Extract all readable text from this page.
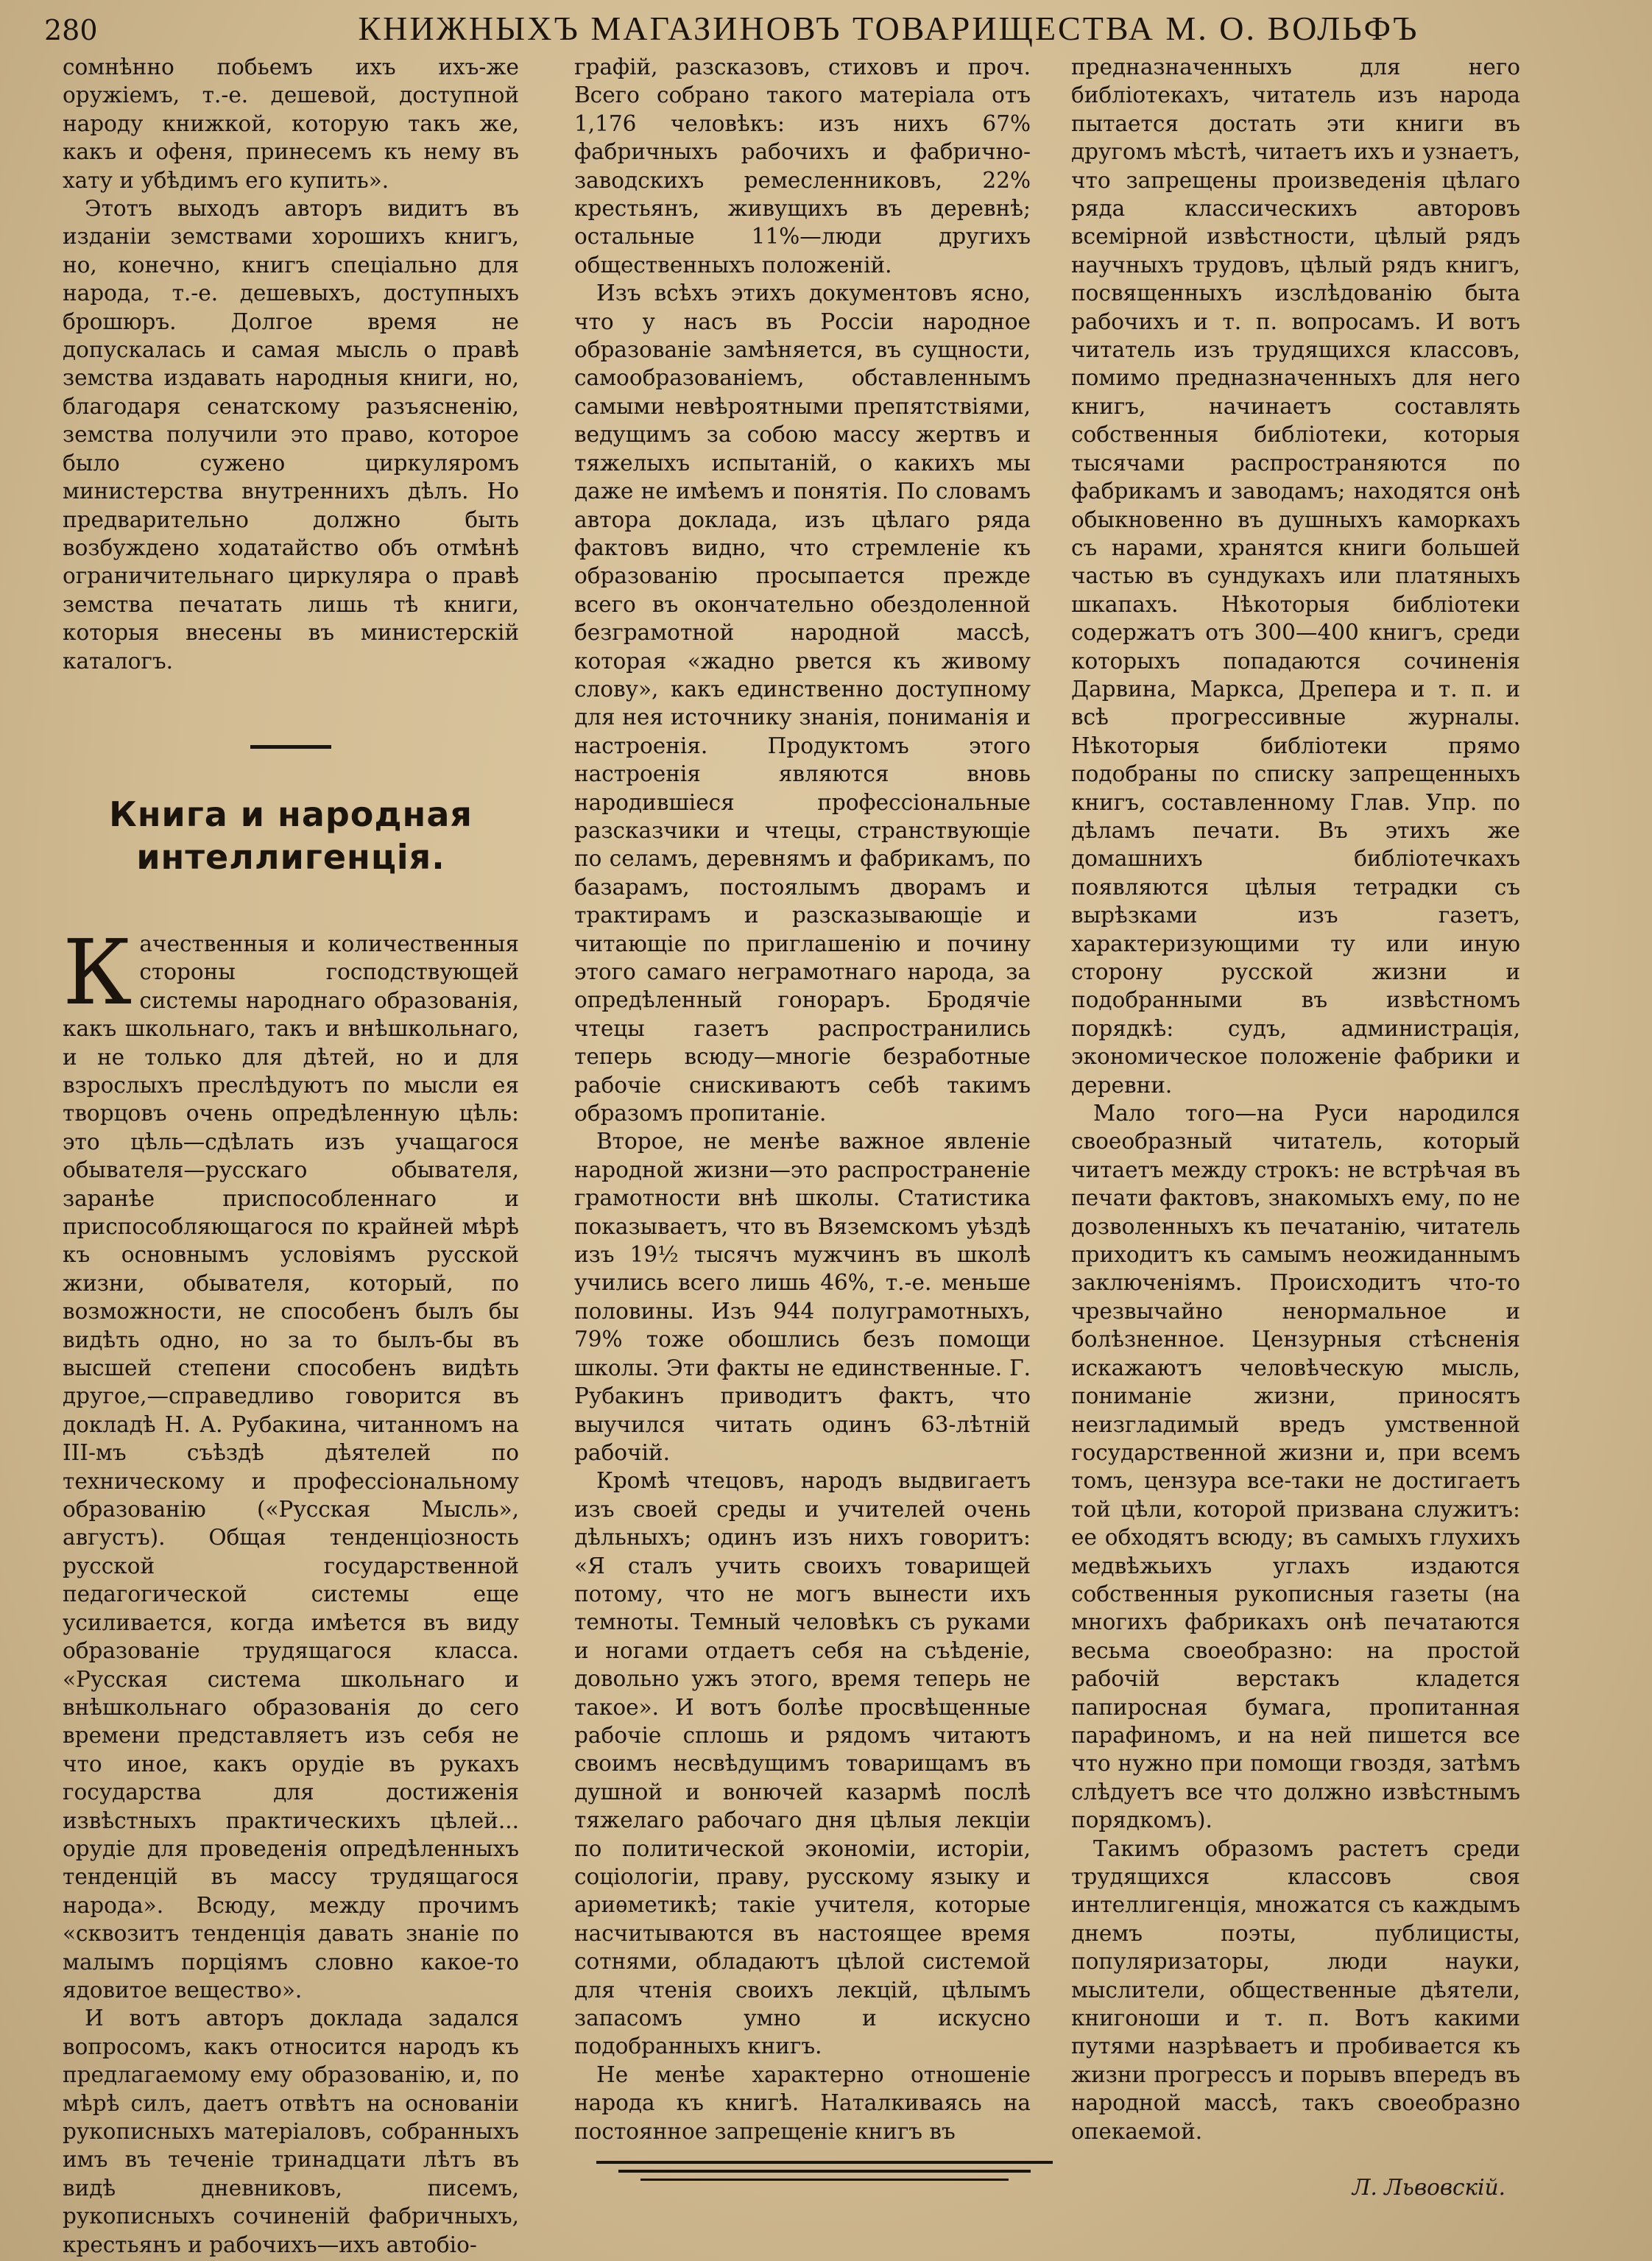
280	КНИЖНЫХЪ МАГАЗИНОВЪ ТОВАРИЩЕСТВА М. О. ВОЛЬФЪ

сомнѣнно побьемъ ихъ ихъ-же оружіемъ, т.-е. дешевой, доступной народу книжкой, которую такъ же, какъ и офеня, принесемъ къ нему въ хату и убѣдимъ его купить».

Этотъ выходъ авторъ видитъ въ изданіи земствами хорошихъ книгъ, но, конечно, книгъ спеціально для народа, т.-е. дешевыхъ, доступныхъ брошюръ. Долгое время не допускалась и самая мысль о правѣ земства издавать народныя книги, но, благодаря сенатскому разъясненію, земства получили это право, которое было сужено циркуляромъ министерства внутреннихъ дѣлъ. Но предварительно должно быть возбуждено ходатайство объ отмѣнѣ ограничительнаго циркуляра о правѣ земства печатать лишь тѣ книги, которыя внесены въ министерскій каталогъ.

Книга и народная интеллигенція.

Качественныя и количественныя стороны господствующей системы народнаго образованія, какъ школьнаго, такъ и внѣшкольнаго, и не только для дѣтей, но и для взрослыхъ преслѣдуютъ по мысли ея творцовъ очень опредѣленную цѣль: это цѣль—сдѣлать изъ учащагося обывателя—русскаго обывателя, заранѣе приспособленнаго и приспособляющагося по крайней мѣрѣ къ основнымъ условіямъ русской жизни, обывателя, который, по возможности, не способенъ былъ бы видѣть одно, но за то былъ-бы въ высшей степени способенъ видѣть другое,—справедливо говорится въ докладѣ Н. А. Рубакина, читанномъ на III-мъ съѣздѣ дѣятелей по техническому и профессіональному образованію («Русская Мысль», августъ). Общая тенденціозность русской государственной педагогической системы еще усиливается, когда имѣется въ виду образованіе трудящагося класса. «Русская система школьнаго и внѣшкольнаго образованія до сего времени представляетъ изъ себя не что иное, какъ орудіе въ рукахъ государства для достиженія извѣстныхъ практическихъ цѣлей... орудіе для проведенія опредѣленныхъ тенденцій въ массу трудящагося народа». Всюду, между прочимъ «сквозитъ тенденція давать знаніе по малымъ порціямъ словно какое-то ядовитое вещество».

И вотъ авторъ доклада задался вопросомъ, какъ относится народъ къ предлагаемому ему образованію, и, по мѣрѣ силъ, даетъ отвѣтъ на основаніи рукописныхъ матеріаловъ, собранныхъ имъ въ теченіе тринадцати лѣтъ въ видѣ дневниковъ, писемъ, рукописныхъ сочиненій фабричныхъ, крестьянъ и рабочихъ—ихъ автобіо-

графій, разсказовъ, стиховъ и проч. Всего собрано такого матеріала отъ 1,176 человѣкъ: изъ нихъ 67% фабричныхъ рабочихъ и фабрично-заводскихъ ремесленниковъ, 22% крестьянъ, живущихъ въ деревнѣ; остальные 11%—люди другихъ общественныхъ положеній.

Изъ всѣхъ этихъ документовъ ясно, что у насъ въ Россіи народное образованіе замѣняется, въ сущности, самообразованіемъ, обставленнымъ самыми невѣроятными препятствіями, ведущимъ за собою массу жертвъ и тяжелыхъ испытаній, о какихъ мы даже не имѣемъ и понятія. По словамъ автора доклада, изъ цѣлаго ряда фактовъ видно, что стремленіе къ образованію просыпается прежде всего въ окончательно обездоленной безграмотной народной массѣ, которая «жадно рвется къ живому слову», какъ единственно доступному для нея источнику знанія, пониманія и настроенія. Продуктомъ этого настроенія являются вновь народившіеся профессіональные разсказчики и чтецы, странствующіе по селамъ, деревнямъ и фабрикамъ, по базарамъ, постоялымъ дворамъ и трактирамъ и разсказывающіе и читающіе по приглашенію и почину этого самаго неграмотнаго народа, за опредѣленный гонораръ. Бродячіе чтецы газетъ распространились теперь всюду—многіе безработные рабочіе снискиваютъ себѣ такимъ образомъ пропитаніе.

Второе, не менѣе важное явленіе народной жизни—это распространеніе грамотности внѣ школы. Статистика показываетъ, что въ Вяземскомъ уѣздѣ изъ 19½ тысячъ мужчинъ въ школѣ учились всего лишь 46%, т.-е. меньше половины. Изъ 944 полуграмотныхъ, 79% тоже обошлись безъ помощи школы. Эти факты не единственные. Г. Рубакинъ приводитъ фактъ, что выучился читать одинъ 63-лѣтній рабочій.

Кромѣ чтецовъ, народъ выдвигаетъ изъ своей среды и учителей очень дѣльныхъ; одинъ изъ нихъ говоритъ: «Я сталъ учить своихъ товарищей потому, что не могъ вынести ихъ темноты. Темный человѣкъ съ руками и ногами отдаетъ себя на съѣденіе, довольно ужъ этого, время теперь не такое». И вотъ болѣе просвѣщенные рабочіе сплошь и рядомъ читаютъ своимъ несвѣдущимъ товарищамъ въ душной и вонючей казармѣ послѣ тяжелаго рабочаго дня цѣлыя лекціи по политической экономіи, исторіи, соціологіи, праву, русскому языку и ариѳметикѣ; такіе учителя, которые насчитываются въ настоящее время сотнями, обладаютъ цѣлой системой для чтенія своихъ лекцій, цѣлымъ запасомъ умно и искусно подобранныхъ книгъ.

Не менѣе характерно отношеніе народа къ книгѣ. Наталкиваясь на постоянное запрещеніе книгъ въ

предназначенныхъ для него библіотекахъ, читатель изъ народа пытается достать эти книги въ другомъ мѣстѣ, читаетъ ихъ и узнаетъ, что запрещены произведенія цѣлаго ряда классическихъ авторовъ всемірной извѣстности, цѣлый рядъ научныхъ трудовъ, цѣлый рядъ книгъ, посвященныхъ изслѣдованію быта рабочихъ и т. п. вопросамъ. И вотъ читатель изъ трудящихся классовъ, помимо предназначенныхъ для него книгъ, начинаетъ составлять собственныя библіотеки, которыя тысячами распространяются по фабрикамъ и заводамъ; находятся онѣ обыкновенно въ душныхъ каморкахъ съ нарами, хранятся книги большей частью въ сундукахъ или платяныхъ шкапахъ. Нѣкоторыя библіотеки содержатъ отъ 300—400 книгъ, среди которыхъ попадаются сочиненія Дарвина, Маркса, Дрепера и т. п. и всѣ прогрессивные журналы. Нѣкоторыя библіотеки прямо подобраны по списку запрещенныхъ книгъ, составленному Глав. Упр. по дѣламъ печати. Въ этихъ же домашнихъ библіотечкахъ появляются цѣлыя тетрадки съ вырѣзками изъ газетъ, характеризующими ту или иную сторону русской жизни и подобранными въ извѣстномъ порядкѣ: судъ, администрація, экономическое положеніе фабрики и деревни.

Мало того—на Руси народился своеобразный читатель, который читаетъ между строкъ: не встрѣчая въ печати фактовъ, знакомыхъ ему, по не дозволенныхъ къ печатанію, читатель приходитъ къ самымъ неожиданнымъ заключеніямъ. Происходитъ что-то чрезвычайно ненормальное и болѣзненное. Цензурныя стѣсненія искажаютъ человѣческую мысль, пониманіе жизни, приносятъ неизгладимый вредъ умственной государственной жизни и, при всемъ томъ, цензура все-таки не достигаетъ той цѣли, которой призвана служитъ: ее обходятъ всюду; въ самыхъ глухихъ медвѣжьихъ углахъ издаются собственныя рукописныя газеты (на многихъ фабрикахъ онѣ печатаются весьма своеобразно: на простой рабочій верстакъ кладется папиросная бумага, пропитанная парафиномъ, и на ней пишется все что нужно при помощи гвоздя, затѣмъ слѣдуетъ все что должно извѣстнымъ порядкомъ).

Такимъ образомъ растетъ среди трудящихся классовъ своя интеллигенція, множатся съ каждымъ днемъ поэты, публицисты, популяризаторы, люди науки, мыслители, общественные дѣятели, книгоноши и т. п. Вотъ какими путями назрѣваетъ и пробивается къ жизни прогрессъ и порывъ впередъ въ народной массѣ, такъ своеобразно опекаемой.

Л. Львовскій.
